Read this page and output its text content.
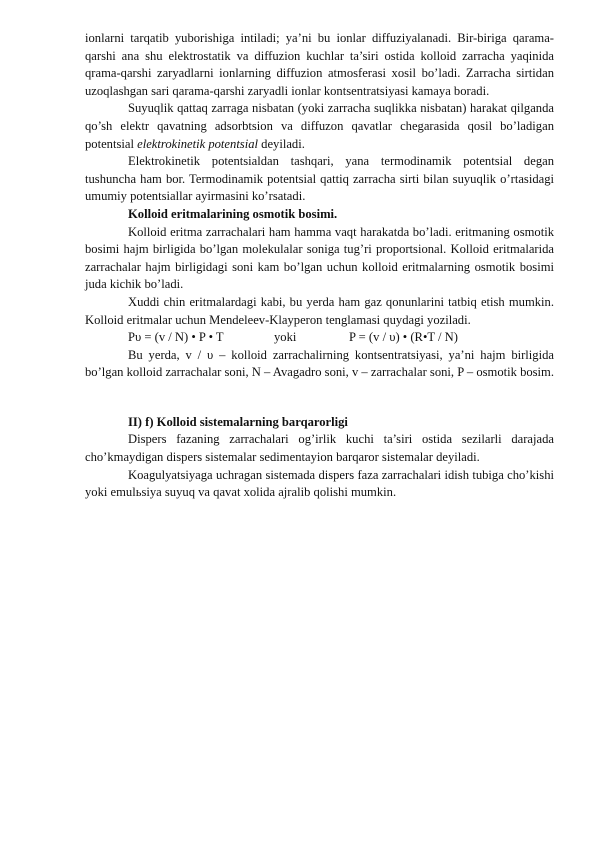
ionlarni tarqatib yuborishiga intiladi; ya’ni bu ionlar diffuziyalanadi. Bir-biriga qarama-qarshi ana shu elektrostatik va diffuzion kuchlar ta’siri ostida kolloid zarracha yaqinida qrama-qarshi zaryadlarni ionlarning diffuzion atmosferasi xosil bo’ladi. Zarracha sirtidan uzoqlashgan sari qarama-qarshi zaryadli ionlar kontsentratsiyasi kamaya boradi.

Suyuqlik qattaq zarraga nisbatan (yoki zarracha suqlikka nisbatan) harakat qilganda qo’sh elektr qavatning adsorbtsion va diffuzon qavatlar chegarasida qosil bo’ladigan potentsial elektrokinetik potentsial deyiladi.

Elektrokinetik potentsialdan tashqari, yana termodinamik potentsial degan tushuncha ham bor. Termodinamik potentsial qattiq zarracha sirti bilan suyuqlik o’rtasidagi umumiy potentsiallar ayirmasini ko’rsatadi.

Kolloid eritmalarining osmotik bosimi.

Kolloid eritma zarrachalari ham hamma vaqt harakatda bo’ladi. eritmaning osmotik bosimi hajm birligida bo’lgan molekulalar soniga tug’ri proportsional. Kolloid eritmalarida zarrachalar hajm birligidagi soni kam bo’lgan uchun kolloid eritmalarning osmotik bosimi juda kichik bo’ladi.

Xuddi chin eritmalardagi kabi, bu yerda ham gaz qonunlarini tatbiq etish mumkin. Kolloid eritmalar uchun Mendeleev-Klayperon tenglamasi quydagi yoziladi.

Pυ = (v / N) • P • T	yoki	P = (v / υ) • (R•T / N)

Bu yerda, v / υ – kolloid zarrachalirning kontsentratsiyasi, ya’ni hajm birligida bo’lgan kolloid zarrachalar soni, N – Avagadro soni, v – zarrachalar soni, P – osmotik bosim.

II) f) Kolloid sistemalarning barqarorligi

Dispers fazaning zarrachalari og’irlik kuchi ta’siri ostida sezilarli darajada cho’kmaydigan dispers sistemalar sedimentayion barqaror sistemalar deyiladi.

Koagulyatsiyaga uchragan sistemada dispers faza zarrachalari idish tubiga cho’kishi yoki emulьsiya suyuq va qavat xolida ajralib qolishi mumkin.
